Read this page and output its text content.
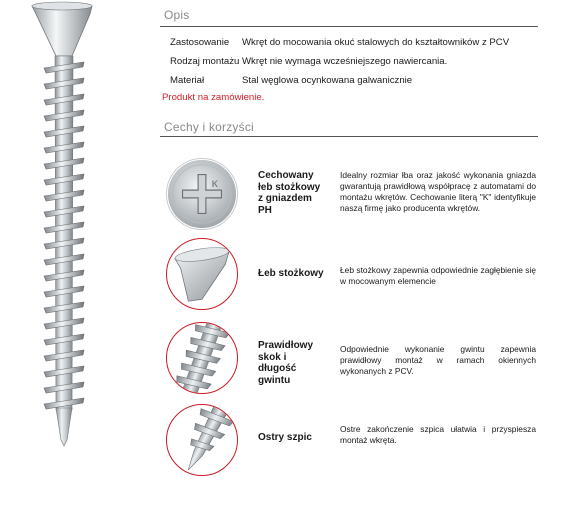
Opis
Zastosowanie	Wkręt do mocowania okuć stalowych do kształtowników z PCV
Rodzaj montażu Wkręt nie wymaga wcześniejszego nawiercania.
Materiał	Stal węglowa ocynkowana galwanicznie
Produkt na zamówienie.
Cechy i korzyści
K
Cechowany łeb stożkowy z gniazdem PH
Idealny rozmiar łba oraz jakość wykonania gniazda gwarantują prawidłową współpracę z automatami do montażu wkrętów. Cechowanie literą "K" identyfikuje naszą firmę jako producenta wkrętów.
Łeb stożkowy Łeb stożkowy zapewnia odpowiednie zagłębienie się w mocowanym elemencie
Prawidłowy skok i długość gwintu
Odpowiednie wykonanie gwintu zapewnia prawidłowy montaż w ramach okiennych wykonanych z PCV.
Ostry szpic
Ostre zakończenie szpica ułatwia i przyspiesza montaż wkręta.
